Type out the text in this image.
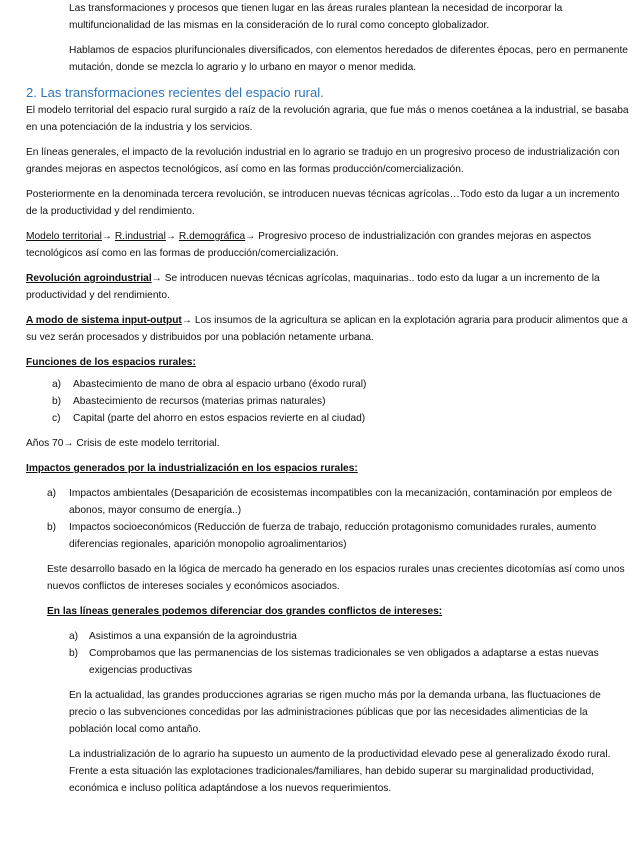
Las transformaciones y procesos que tienen lugar en las áreas rurales plantean la necesidad de incorporar la multifuncionalidad de las mismas en la consideración de lo rural como concepto globalizador.

Hablamos de espacios plurifuncionales diversificados, con elementos heredados de diferentes épocas, pero en permanente mutación, donde se mezcla lo agrario y lo urbano en mayor o menor medida.

2. Las transformaciones recientes del espacio rural.

El modelo territorial del espacio rural surgido a raíz de la revolución agraria, que fue más o menos coetánea a la industrial, se basaba en una potenciación de la industria y los servicios.

En líneas generales, el impacto de la revolución industrial en lo agrario se tradujo en un progresivo proceso de industrialización con grandes mejoras en aspectos tecnológicos, así como en las formas producción/comercialización.

Posteriormente en la denominada tercera revolución, se introducen nuevas técnicas agrícolas…Todo esto da lugar a un incremento de la productividad y del rendimiento.

Modelo territorial→ R.industrial→ R.demográfica→ Progresivo proceso de industrialización con grandes mejoras en aspectos tecnológicos así como en las formas de producción/comercialización.

Revolución agroindustrial→ Se introducen nuevas técnicas agrícolas, maquinarias.. todo esto da lugar a un incremento de la productividad y del rendimiento.

A modo de sistema input-output→ Los insumos de la agricultura se aplican en la explotación agraria para producir alimentos que a su vez serán procesados y distribuidos por una población netamente urbana.

Funciones de los espacios rurales:

a) Abastecimiento de mano de obra al espacio urbano (éxodo rural)
b) Abastecimiento de recursos (materias primas naturales)
c) Capital (parte del ahorro en estos espacios revierte en al ciudad)

Años 70→ Crisis de este modelo territorial.

Impactos generados por la industrialización en los espacios rurales:

a) Impactos ambientales (Desaparición de ecosistemas incompatibles con la mecanización, contaminación por empleos de abonos, mayor consumo de energía..)
b) Impactos socioeconómicos (Reducción de fuerza de trabajo, reducción protagonismo comunidades rurales, aumento diferencias regionales, aparición monopolio agroalimentarios)

Este desarrollo basado en la lógica de mercado ha generado en los espacios rurales unas crecientes dicotomías así como unos nuevos conflictos de intereses sociales y económicos asociados.

En las líneas generales podemos diferenciar dos grandes conflictos de intereses:

a) Asistimos a una expansión de la agroindustria
b) Comprobamos que las permanencias de los sistemas tradicionales se ven obligados a adaptarse a estas nuevas exigencias productivas

En la actualidad, las grandes producciones agrarias se rigen mucho más por la demanda urbana, las fluctuaciones de precio o las subvenciones concedidas por las administraciones públicas que por las necesidades alimenticias de la población local como antaño.

La industrialización de lo agrario ha supuesto un aumento de la productividad elevado pese al generalizado éxodo rural. Frente a esta situación las explotaciones tradicionales/familiares, han debido superar su marginalidad productividad, económica e incluso política adaptándose a los nuevos requerimientos.
